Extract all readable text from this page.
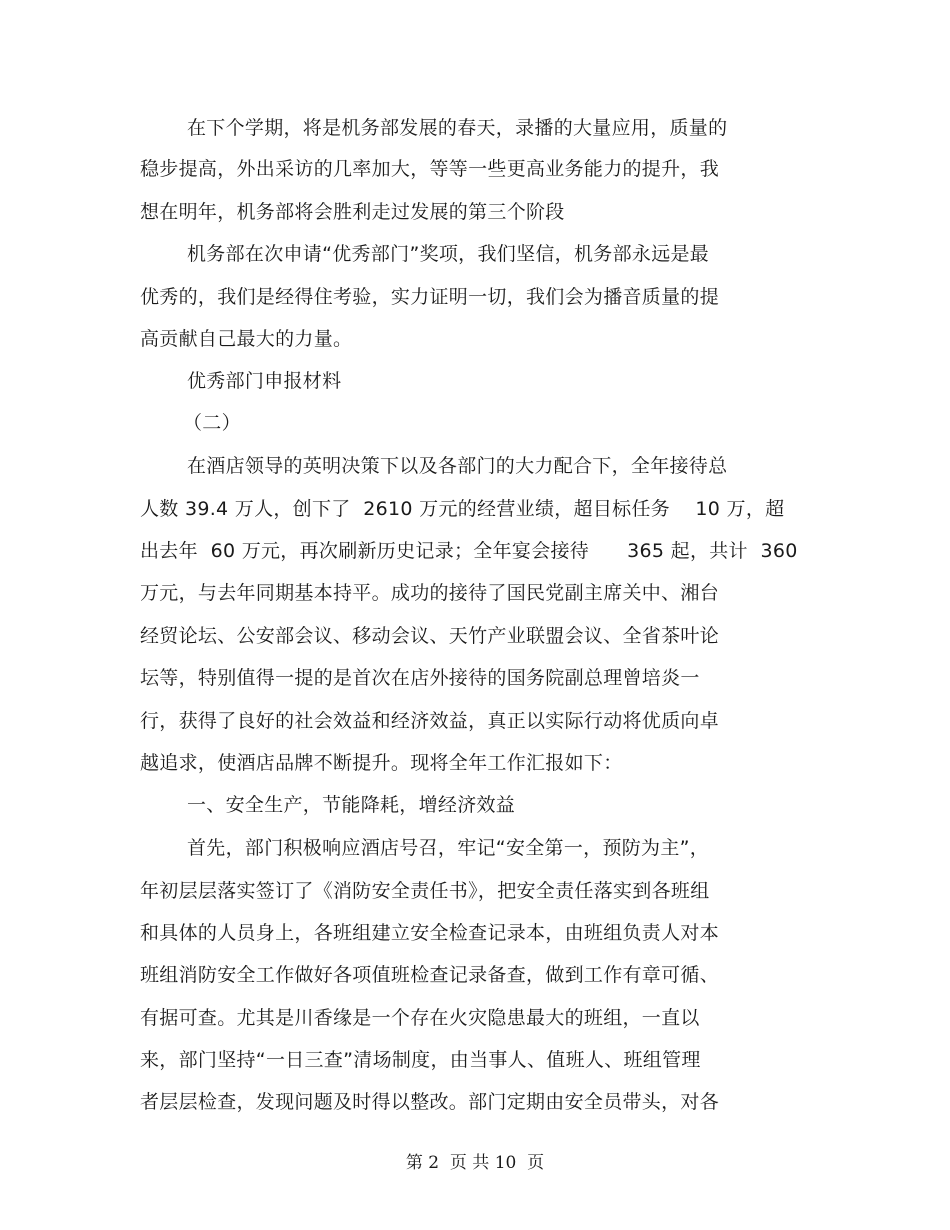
在下个学期，将是机务部发展的春天，录播的大量应用，质量的
稳步提高，外出采访的几率加大，等等一些更高业务能力的提升，我
想在明年，机务部将会胜利走过发展的第三个阶段
机务部在次申请“优秀部门”奖项，我们坚信，机务部永远是最
优秀的，我们是经得住考验，实力证明一切，我们会为播音质量的提
高贡献自己最大的力量。
优秀部门申报材料
（二）
在酒店领导的英明决策下以及各部门的大力配合下，全年接待总
人数 39.4 万人，创下了  2610 万元的经营业绩，超目标任务    10 万，超
出去年  60 万元，再次刷新历史记录；全年宴会接待      365 起，共计  360
万元，与去年同期基本持平。成功的接待了国民党副主席关中、湘台
经贸论坛、公安部会议、移动会议、天竹产业联盟会议、全省茶叶论
坛等，特别值得一提的是首次在店外接待的国务院副总理曾培炎一
行，获得了良好的社会效益和经济效益，真正以实际行动将优质向卓
越追求，使酒店品牌不断提升。现将全年工作汇报如下：
一、安全生产，节能降耗，增经济效益
首先，部门积极响应酒店号召，牢记“安全第一，预防为主”，
年初层层落实签订了《消防安全责任书》，把安全责任落实到各班组
和具体的人员身上，各班组建立安全检查记录本，由班组负责人对本
班组消防安全工作做好各项值班检查记录备查，做到工作有章可循、
有据可查。尤其是川香缘是一个存在火灾隐患最大的班组，一直以
来，部门坚持“一日三查”清场制度，由当事人、值班人、班组管理
者层层检查，发现问题及时得以整改。部门定期由安全员带头，对各
第 2  页 共 10  页
